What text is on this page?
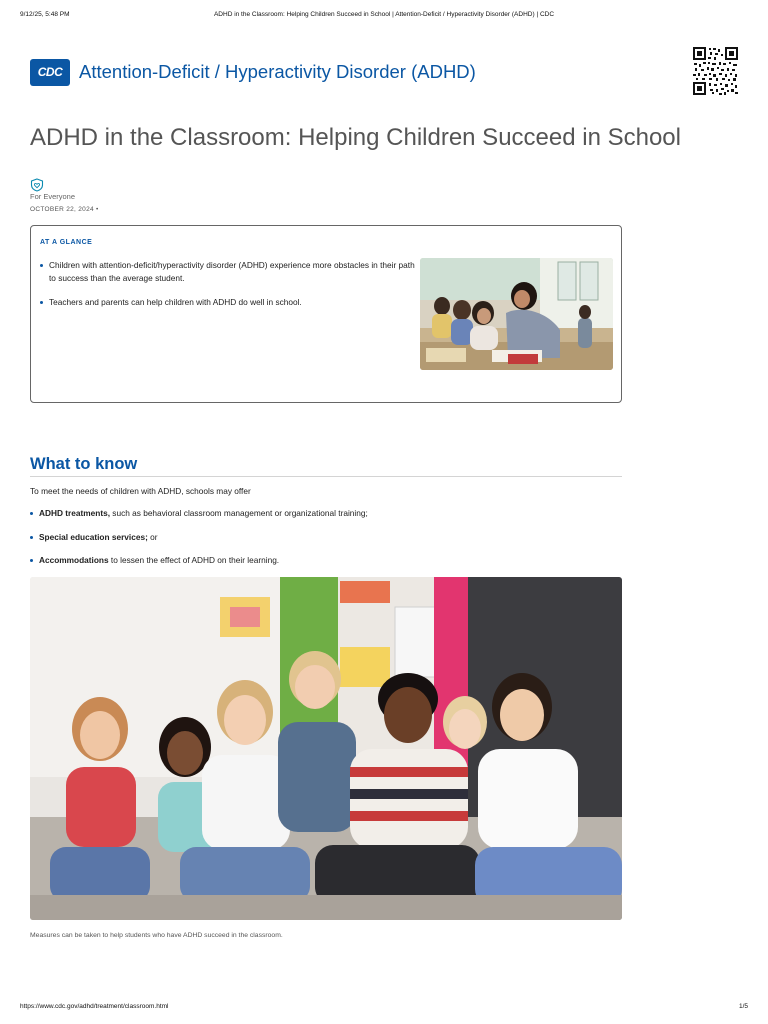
9/12/25, 5:48 PM	ADHD in the Classroom: Helping Children Succeed in School | Attention-Deficit / Hyperactivity Disorder (ADHD) | CDC
CDC Attention-Deficit / Hyperactivity Disorder (ADHD)
ADHD in the Classroom: Helping Children Succeed in School
For Everyone
OCTOBER 22, 2024 •
AT A GLANCE
Children with attention-deficit/hyperactivity disorder (ADHD) experience more obstacles in their path to success than the average student.
Teachers and parents can help children with ADHD do well in school.
What to know

To meet the needs of children with ADHD, schools may offer

ADHD treatments, such as behavioral classroom management or organizational training;
Special education services; or
Accommodations to lessen the effect of ADHD on their learning.

Measures can be taken to help students who have ADHD succeed in the classroom.

https://www.cdc.gov/adhd/treatment/classroom.html	1/5
